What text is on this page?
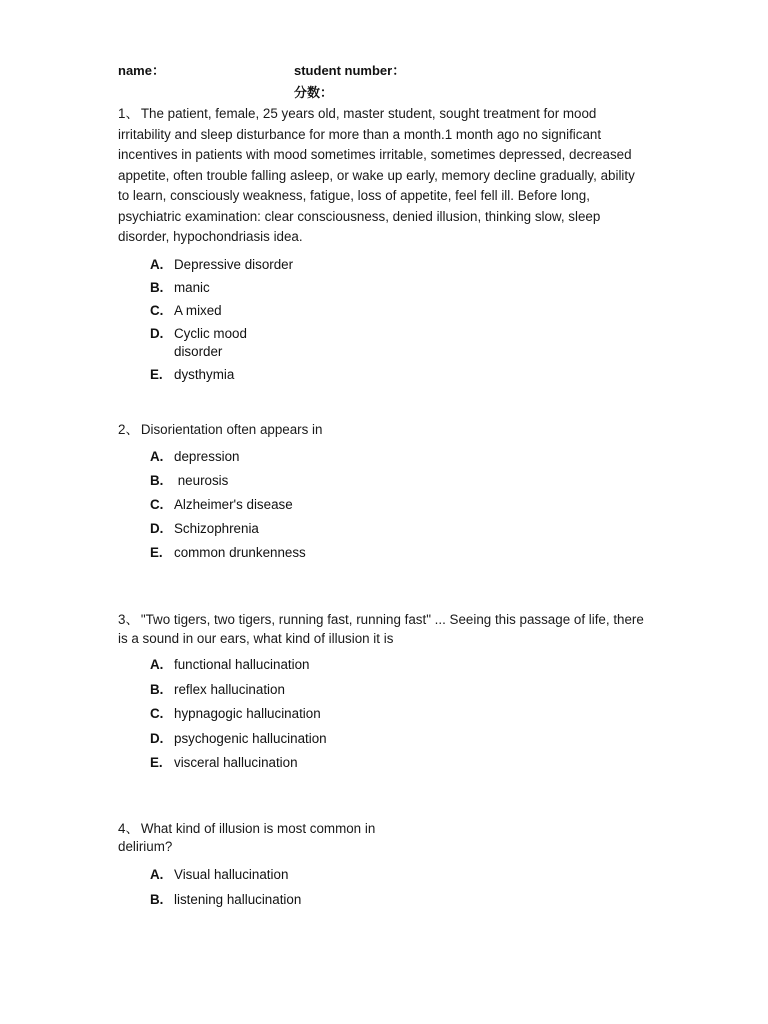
name：	student number：
分数：
1、 The patient, female, 25 years old, master student, sought treatment for mood irritability and sleep disturbance for more than a month.1 month ago no significant incentives in patients with mood sometimes irritable, sometimes depressed, decreased appetite, often trouble falling asleep, or wake up early, memory decline gradually, ability to learn, consciously weakness, fatigue, loss of appetite, feel fell ill. Before long, psychiatric examination: clear consciousness, denied illusion, thinking slow, sleep disorder, hypochondriasis idea.
A. Depressive disorder
B. manic
C. A mixed
D. Cyclic mood disorder
E. dysthymia
2、 Disorientation often appears in
A. depression
B. neurosis
C. Alzheimer's disease
D. Schizophrenia
E. common drunkenness
3、 "Two tigers, two tigers, running fast, running fast" ... Seeing this passage of life, there is a sound in our ears, what kind of illusion it is
A. functional hallucination
B. reflex hallucination
C. hypnagogic hallucination
D. psychogenic hallucination
E. visceral hallucination
4、 What kind of illusion is most common in delirium?
A. Visual hallucination
B. listening hallucination
